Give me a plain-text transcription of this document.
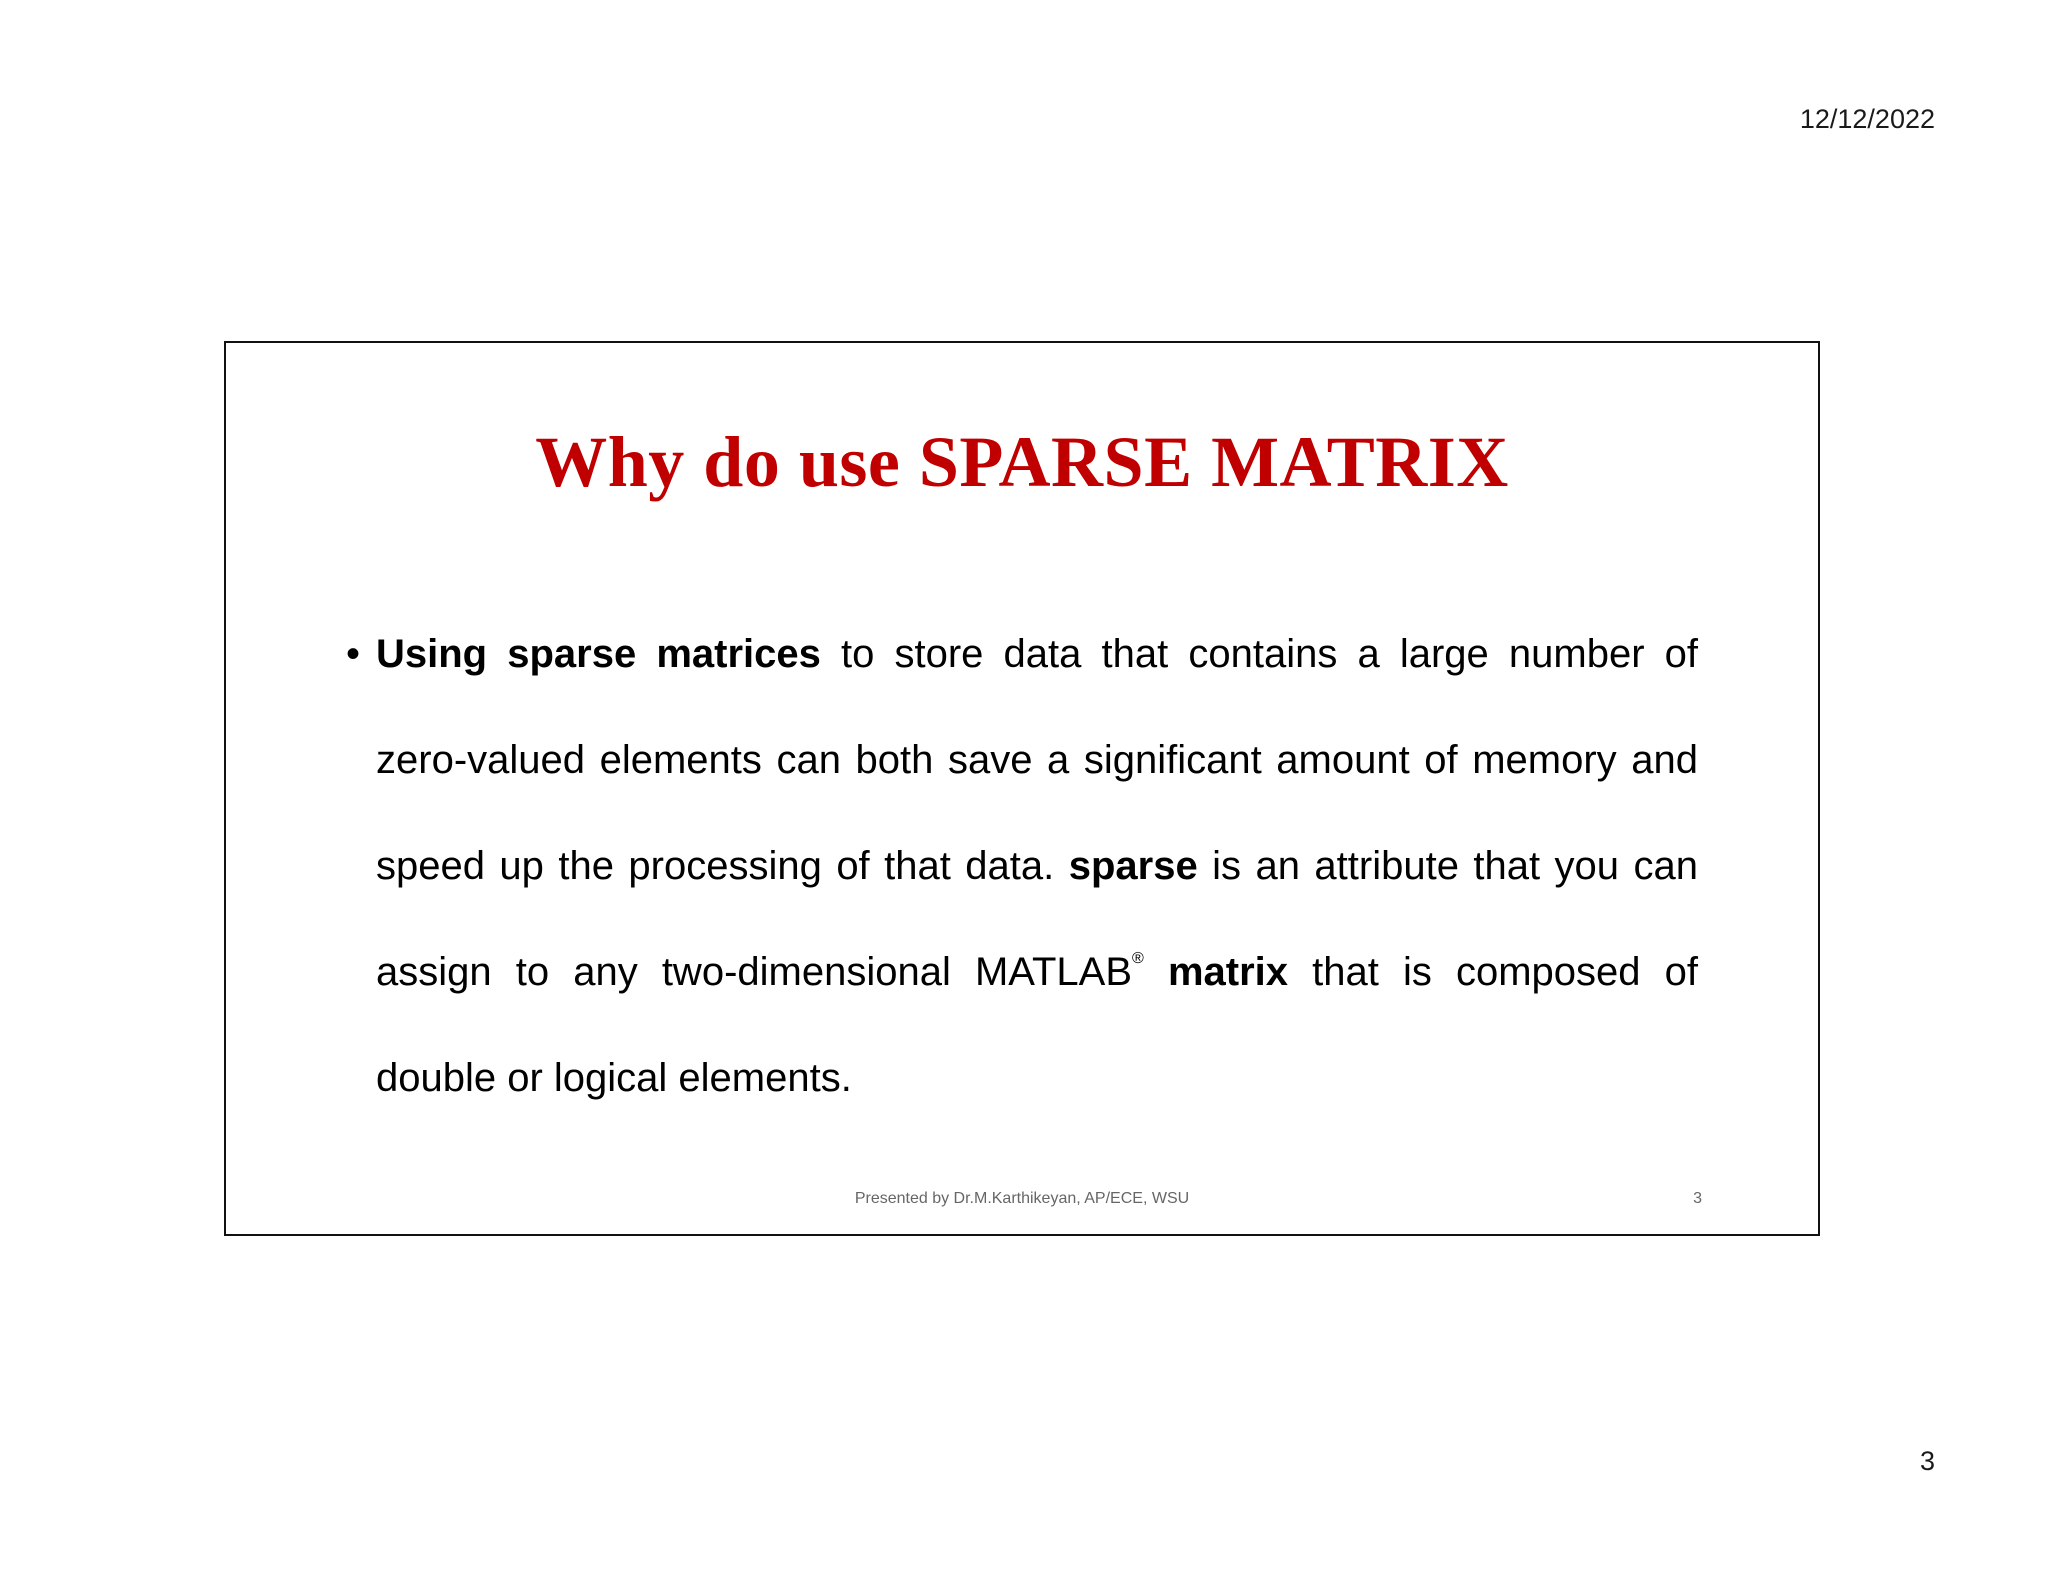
12/12/2022
Why do use SPARSE MATRIX
• Using sparse matrices to store data that contains a large number of zero-valued elements can both save a significant amount of memory and speed up the processing of that data. sparse is an attribute that you can assign to any two-dimensional MATLAB® matrix that is composed of double or logical elements.
Presented by Dr.M.Karthikeyan, AP/ECE, WSU	3
3
